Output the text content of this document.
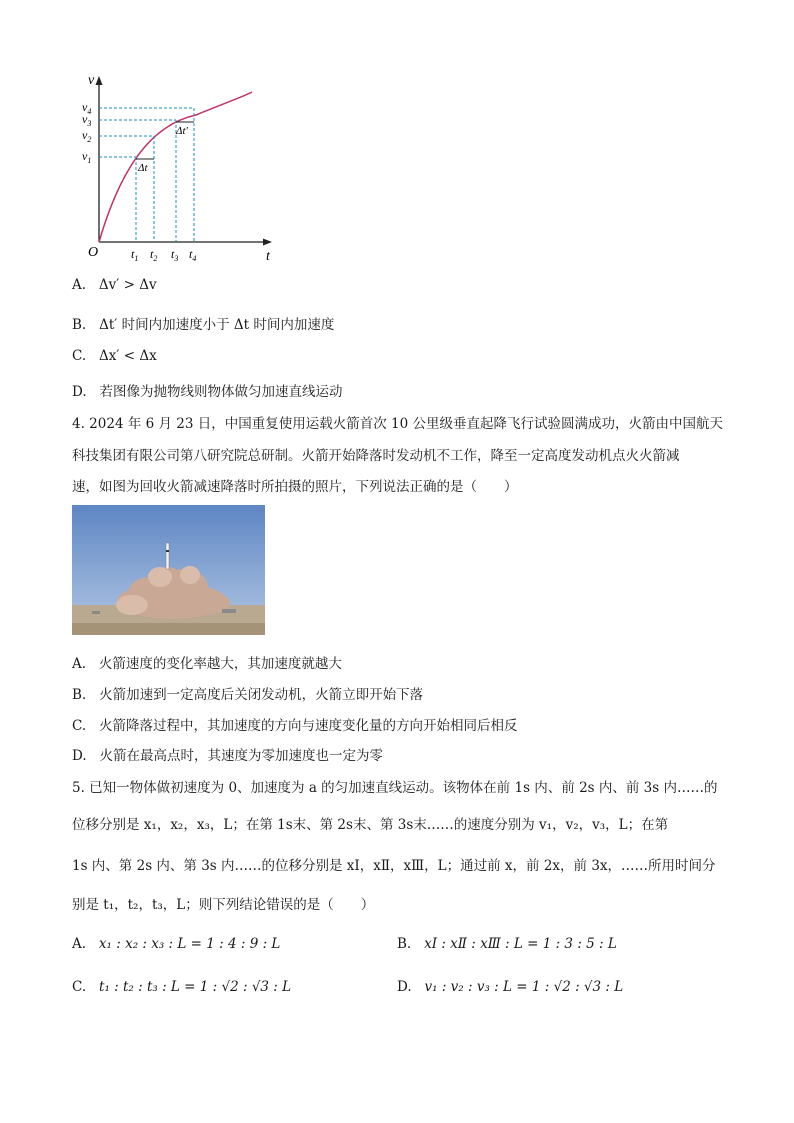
v
t
O
Δt
Δt′
$v_4$
$v_3$
$v_2$
$v_1$
$t_1$ $t_2$ $t_3$ $t_4$
A. Δv′ > Δv
B. Δt′ 时间内加速度小于 Δt 时间内加速度
C. Δx′ < Δx
D. 若图像为抛物线则物体做匀加速直线运动
4. 2024 年 6 月 23 日，中国重复使用运载火箭首次 10 公里级垂直起降飞行试验圆满成功，火箭由中国航天
科技集团有限公司第八研究院总研制。火箭开始降落时发动机不工作，降至一定高度发动机点火火箭减
速，如图为回收火箭减速降落时所拍摄的照片，下列说法正确的是（　　）
A. 火箭速度的变化率越大，其加速度就越大
B. 火箭加速到一定高度后关闭发动机，火箭立即开始下落
C. 火箭降落过程中，其加速度的方向与速度变化量的方向开始相同后相反
D. 火箭在最高点时，其速度为零加速度也一定为零
5. 已知一物体做初速度为 0、加速度为 a 的匀加速直线运动。该物体在前 1s 内、前 2s 内、前 3s 内……的
位移分别是 x₁，x₂，x₃，L；在第 1s末、第 2s末、第 3s末……的速度分别为 v₁，v₂，v₃，L；在第
1s 内、第 2s 内、第 3s 内……的位移分别是 xⅠ，xⅡ，xⅢ，L；通过前 x，前 2x，前 3x，……所用时间分
别是 t₁，t₂，t₃，L；则下列结论错误的是（　　）
A. x₁ : x₂ : x₃ : L = 1 : 4 : 9 : L	B. xⅠ : xⅡ : xⅢ : L = 1 : 3 : 5 : L
C. t₁ : t₂ : t₃ : L = 1 : √2 : √3 : L	D. v₁ : v₂ : v₃ : L = 1 : √2 : √3 : L
